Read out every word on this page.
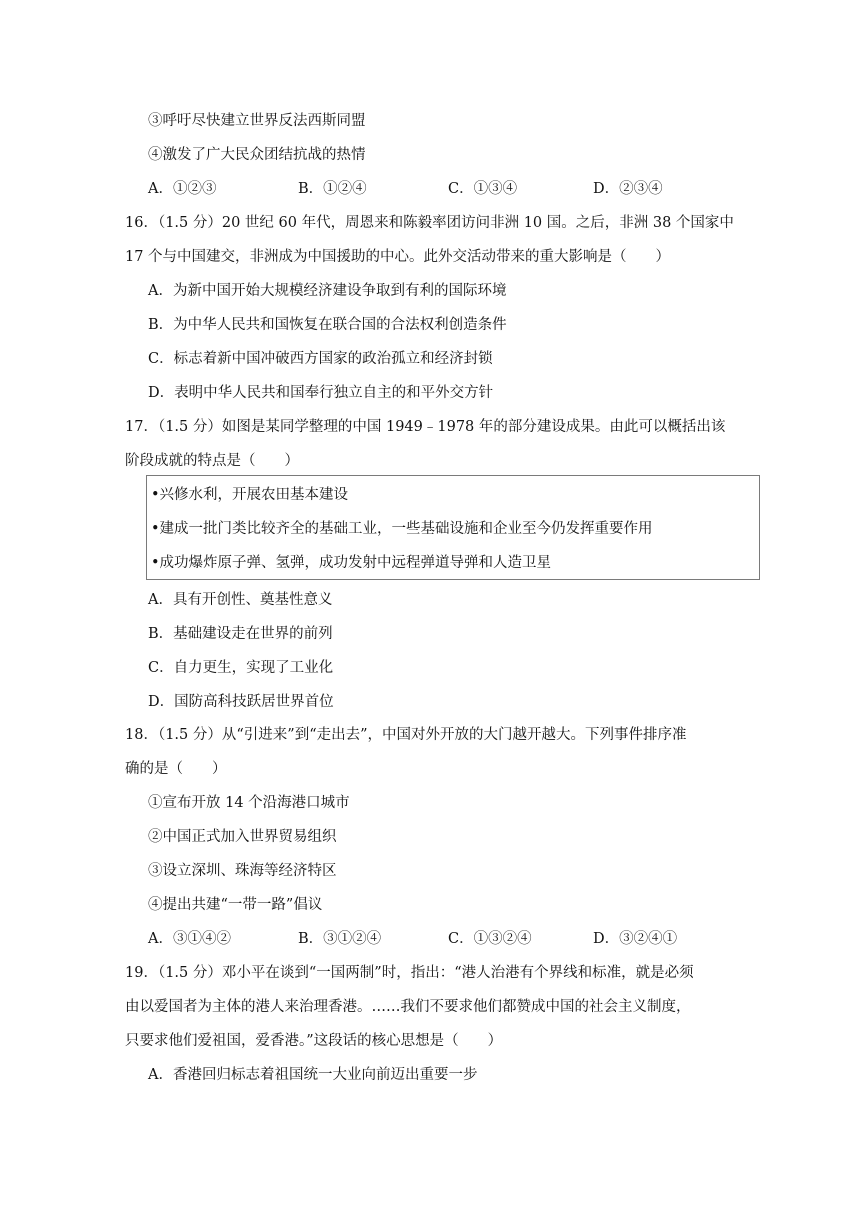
③呼吁尽快建立世界反法西斯同盟
④激发了广大民众团结抗战的热情
A．①②③	B．①②④	C．①③④	D．②③④
16．（1.5 分）20 世纪 60 年代，周恩来和陈毅率团访问非洲 10 国。之后，非洲 38 个国家中
17 个与中国建交，非洲成为中国援助的中心。此外交活动带来的重大影响是（　　）
A．为新中国开始大规模经济建设争取到有利的国际环境
B．为中华人民共和国恢复在联合国的合法权利创造条件
C．标志着新中国冲破西方国家的政治孤立和经济封锁
D．表明中华人民共和国奉行独立自主的和平外交方针
17．（1.5 分）如图是某同学整理的中国 1949﹣1978 年的部分建设成果。由此可以概括出该
阶段成就的特点是（　　）
•兴修水利，开展农田基本建设
•建成一批门类比较齐全的基础工业，一些基础设施和企业至今仍发挥重要作用
•成功爆炸原子弹、氢弹，成功发射中远程弹道导弹和人造卫星
A．具有开创性、奠基性意义
B．基础建设走在世界的前列
C．自力更生，实现了工业化
D．国防高科技跃居世界首位
18．（1.5 分）从“引进来”到“走出去”，中国对外开放的大门越开越大。下列事件排序准
确的是（　　）
①宣布开放 14 个沿海港口城市
②中国正式加入世界贸易组织
③设立深圳、珠海等经济特区
④提出共建“一带一路”倡议
A．③①④②	B．③①②④	C．①③②④	D．③②④①
19．（1.5 分）邓小平在谈到“一国两制”时，指出：“港人治港有个界线和标准，就是必须
由以爱国者为主体的港人来治理香港。……我们不要求他们都赞成中国的社会主义制度，
只要求他们爱祖国，爱香港。”这段话的核心思想是（　　）
A．香港回归标志着祖国统一大业向前迈出重要一步
